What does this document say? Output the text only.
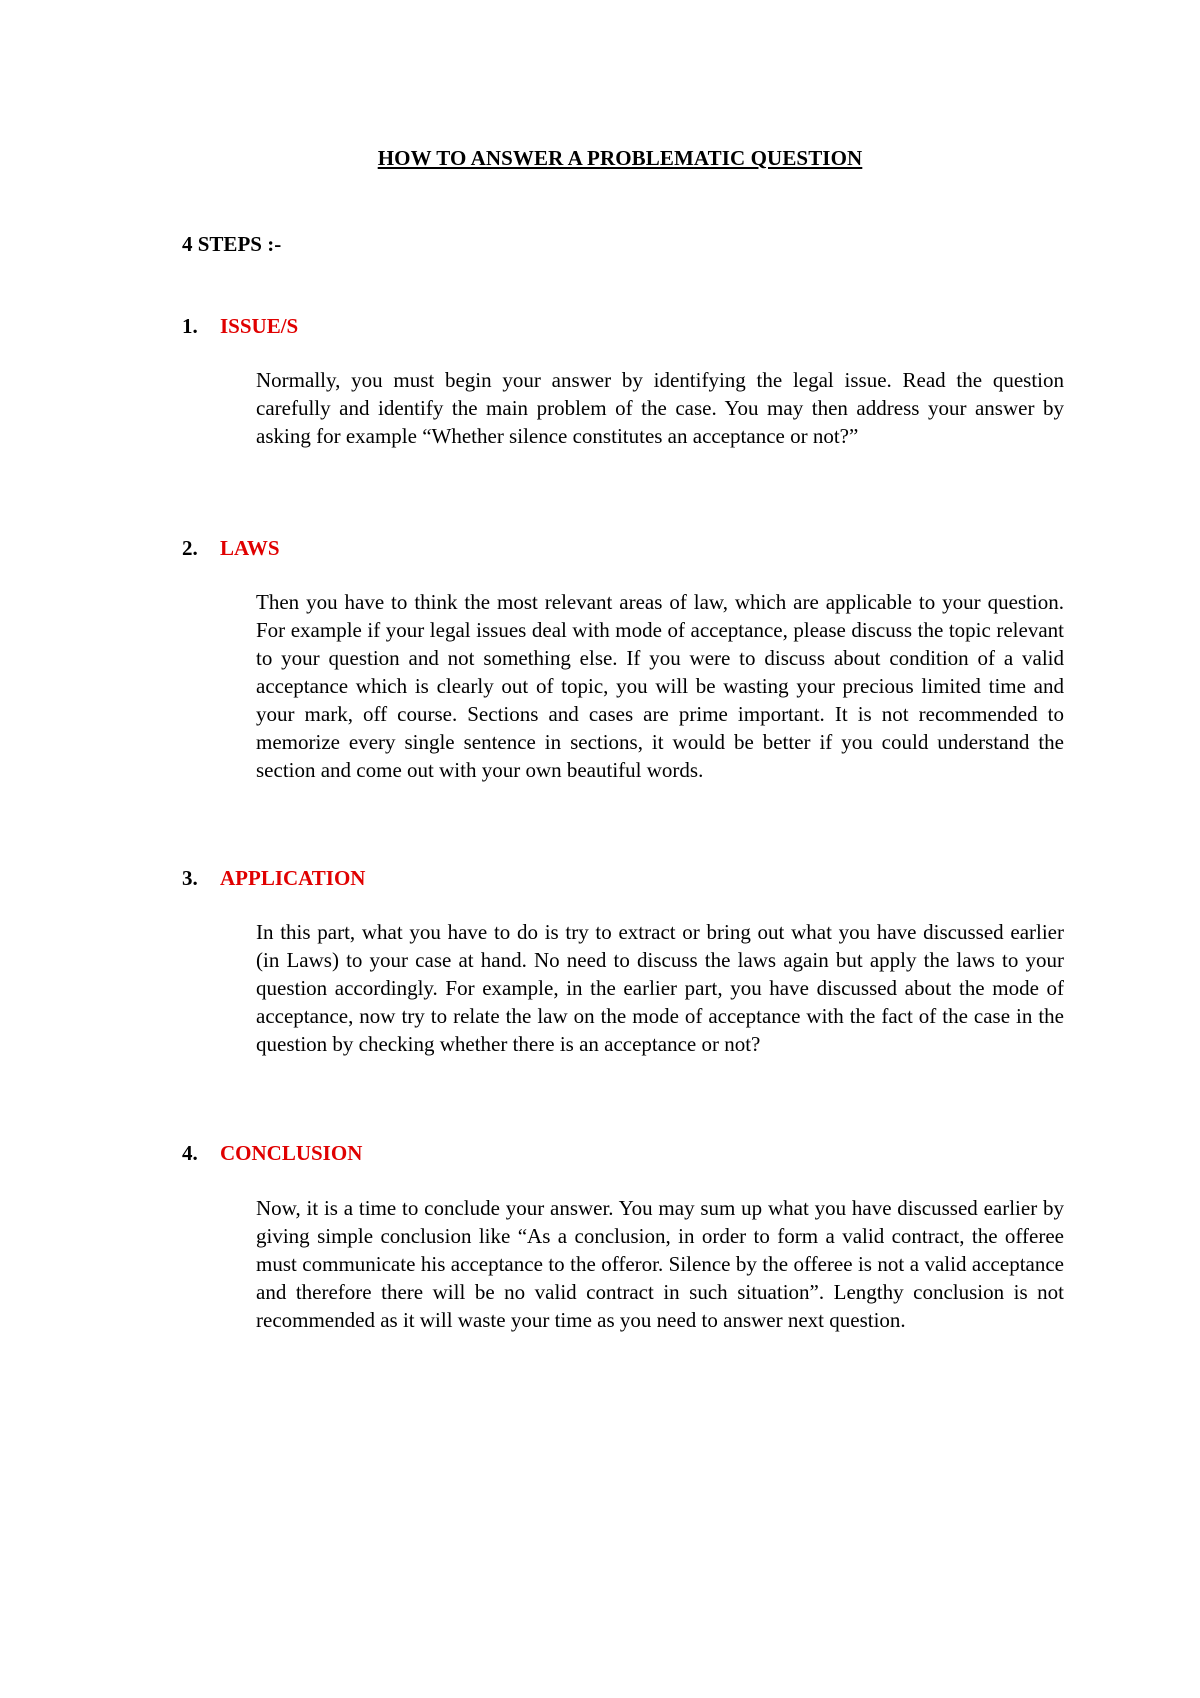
HOW TO ANSWER A PROBLEMATIC QUESTION
4 STEPS :-
1. ISSUE/S
Normally, you must begin your answer by identifying the legal issue. Read the question carefully and identify the main problem of the case. You may then address your answer by asking for example “Whether silence constitutes an acceptance or not?”
2. LAWS
Then you have to think the most relevant areas of law, which are applicable to your question. For example if your legal issues deal with mode of acceptance, please discuss the topic relevant to your question and not something else. If you were to discuss about condition of a valid acceptance which is clearly out of topic, you will be wasting your precious limited time and your mark, off course. Sections and cases are prime important. It is not recommended to memorize every single sentence in sections, it would be better if you could understand the section and come out with your own beautiful words.
3. APPLICATION
In this part, what you have to do is try to extract or bring out what you have discussed earlier (in Laws) to your case at hand. No need to discuss the laws again but apply the laws to your question accordingly. For example, in the earlier part, you have discussed about the mode of acceptance, now try to relate the law on the mode of acceptance with the fact of the case in the question by checking whether there is an acceptance or not?
4. CONCLUSION
Now, it is a time to conclude your answer. You may sum up what you have discussed earlier by giving simple conclusion like “As a conclusion, in order to form a valid contract, the offeree must communicate his acceptance to the offeror. Silence by the offeree is not a valid acceptance and therefore there will be no valid contract in such situation”. Lengthy conclusion is not recommended as it will waste your time as you need to answer next question.
